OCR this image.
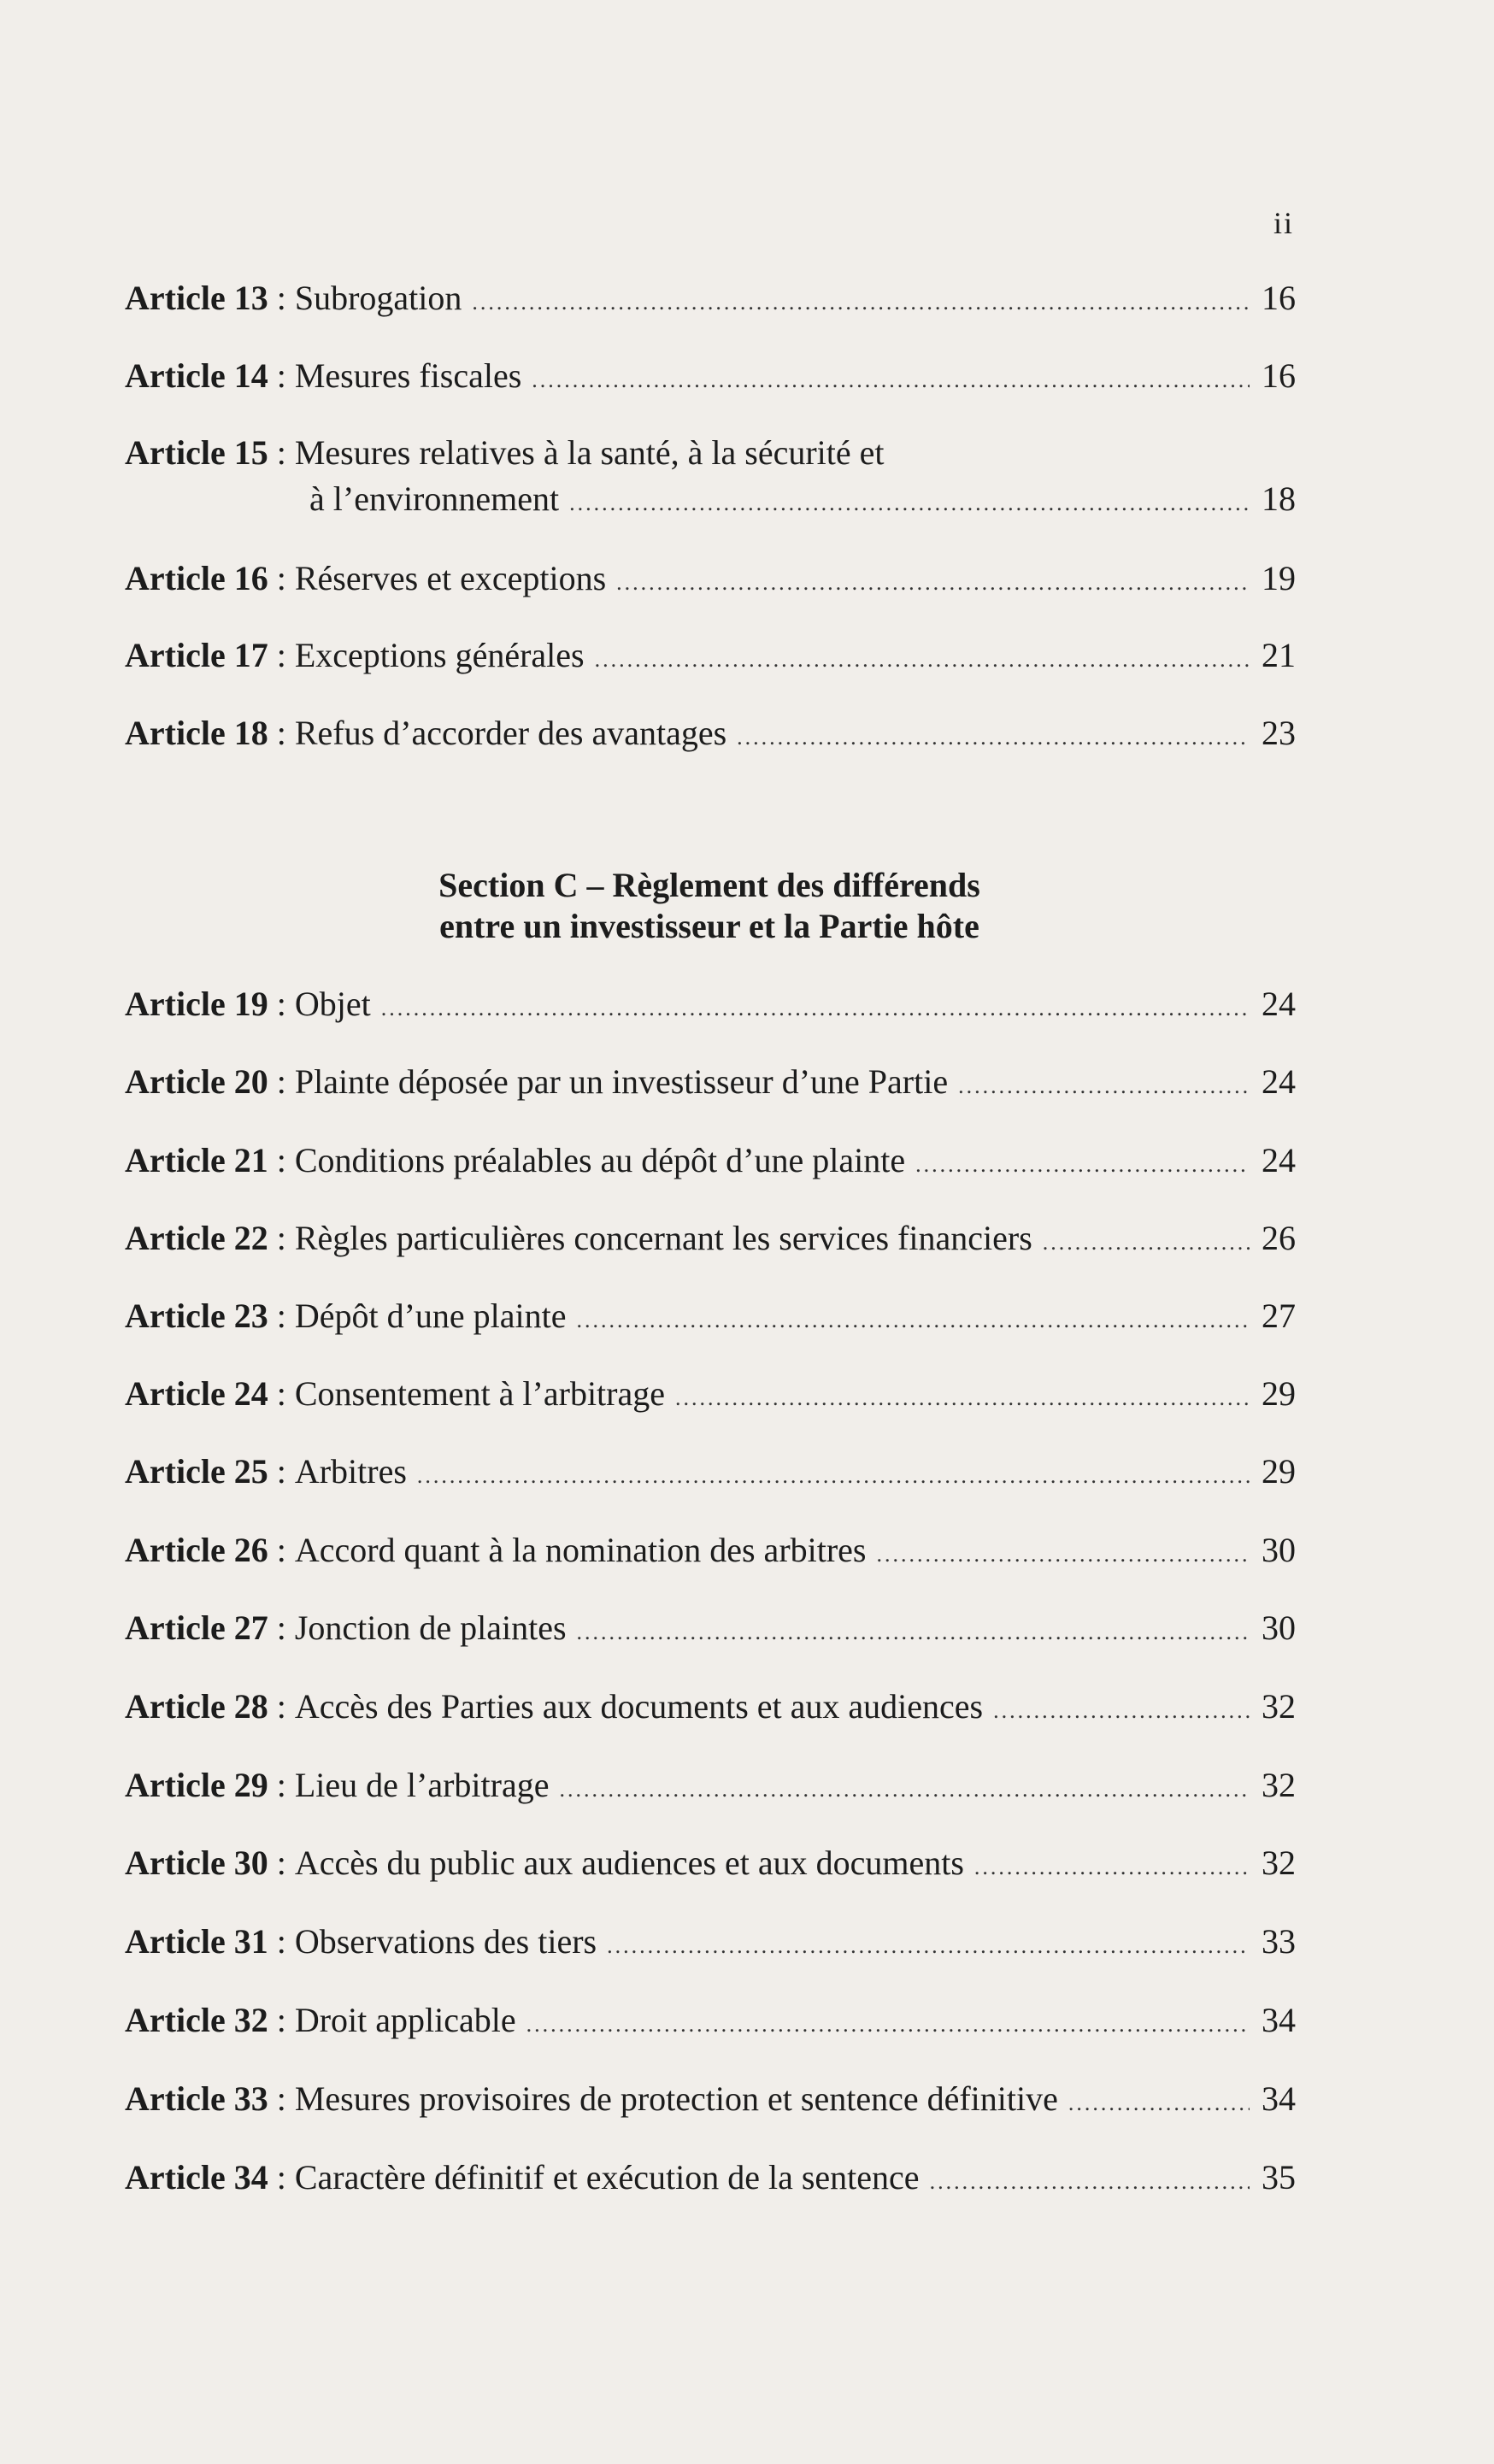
ii
Article 13 : Subrogation .....	16
Article 14 : Mesures fiscales .....	16
Article 15 : Mesures relatives à la santé, à la sécurité et
à l’environnement .....	18
Article 16 : Réserves et exceptions .....	19
Article 17 : Exceptions générales .....	21
Article 18 : Refus d’accorder des avantages .....	23
Section C – Règlement des différends
entre un investisseur et la Partie hôte
Article 19 : Objet .....	24
Article 20 : Plainte déposée par un investisseur d’une Partie .....	24
Article 21 : Conditions préalables au dépôt d’une plainte .....	24
Article 22 : Règles particulières concernant les services financiers .....	26
Article 23 : Dépôt d’une plainte .....	27
Article 24 : Consentement à l’arbitrage .....	29
Article 25 : Arbitres .....	29
Article 26 : Accord quant à la nomination des arbitres .....	30
Article 27 : Jonction de plaintes .....	30
Article 28 : Accès des Parties aux documents et aux audiences .....	32
Article 29 : Lieu de l’arbitrage .....	32
Article 30 : Accès du public aux audiences et aux documents .....	32
Article 31 : Observations des tiers .....	33
Article 32 : Droit applicable .....	34
Article 33 : Mesures provisoires de protection et sentence définitive .....	34
Article 34 : Caractère définitif et exécution de la sentence .....	35
